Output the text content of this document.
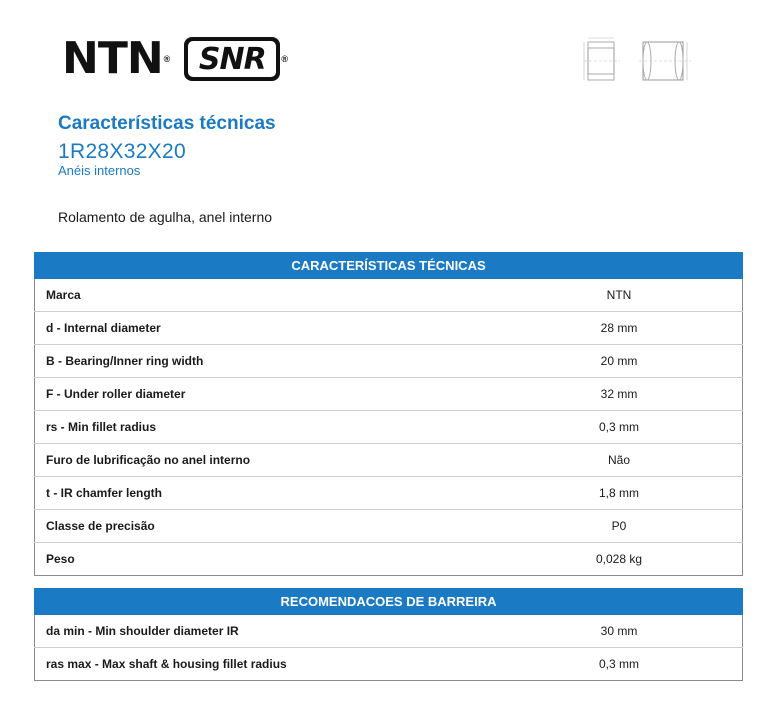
NTN ® SNR ®
Características técnicas
1R28X32X20
Anéis internos
Rolamento de agulha, anel interno
CARACTERÍSTICAS TÉCNICAS	
Marca	NTN
d - Internal diameter	28 mm
B - Bearing/Inner ring width	20 mm
F - Under roller diameter	32 mm
rs - Min fillet radius	0,3 mm
Furo de lubrificação no anel interno	Não
t - IR chamfer length	1,8 mm
Classe de precisão	P0
Peso	0,028 kg
RECOMENDACOES DE BARREIRA	
da min - Min shoulder diameter IR	30 mm
ras max - Max shaft & housing fillet radius	0,3 mm
